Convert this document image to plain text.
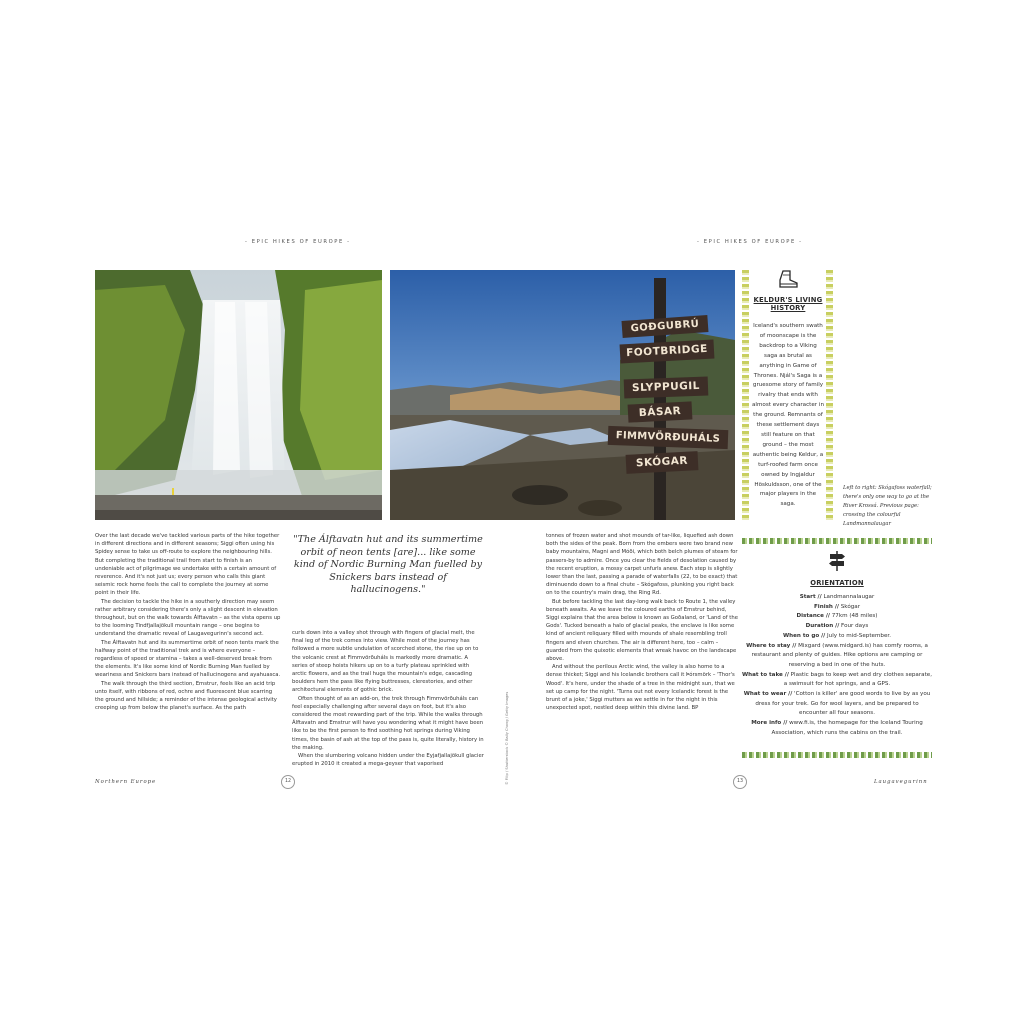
- EPIC HIKES OF EUROPE -	- EPIC HIKES OF EUROPE -
GOÐGUBRÚ
FOOTBRIDGE
SLYPPUGIL
BÁSAR
FIMMVÖRÐUHÁLS
SKÓGAR
KELDUR'S LIVING HISTORY
Iceland's southern swath of moonscape is the backdrop to a Viking saga as brutal as anything in Game of Thrones. Njál's Saga is a gruesome story of family rivalry that ends with almost every character in the ground. Remnants of these settlement days still feature on that ground – the most authentic being Keldur, a turf-roofed farm once owned by Ingjaldur Höskuldsson, one of the major players in the saga.
Left to right: Skógafoss waterfall; there's only one way to go at the River Krossá. Previous page: crossing the colourful Landmannalaugar

Over the last decade we've tackled various parts of the hike together in different directions and in different seasons; Siggi often using his Spidey sense to take us off-route to explore the neighbouring hills. But completing the traditional trail from start to finish is an undeniable act of pilgrimage we undertake with a certain amount of reverence. And it's not just us; every person who calls this giant seismic rock home feels the call to complete the journey at some point in their life.

The decision to tackle the hike in a southerly direction may seem rather arbitrary considering there's only a slight descent in elevation throughout, but on the walk towards Álftavatn – as the vista opens up to the looming Tindfjallajökull mountain range – one begins to understand the dramatic reveal of Laugavegurinn's second act.

The Álftavatn hut and its summertime orbit of neon tents mark the halfway point of the traditional trek and is where everyone – regardless of speed or stamina – takes a well-deserved break from the elements. It's like some kind of Nordic Burning Man fuelled by weariness and Snickers bars instead of hallucinogens and ayahuasca.

The walk through the third section, Emstrur, feels like an acid trip unto itself, with ribbons of red, ochre and fluorescent blue scarring the ground and hillside; a reminder of the intense geological activity creeping up from below the planet's surface. As the path

"The Álftavatn hut and its summertime orbit of neon tents [are]... like some kind of Nordic Burning Man fuelled by Snickers bars instead of hallucinogens."

curls down into a valley shot through with fingers of glacial melt, the final leg of the trek comes into view. While most of the journey has followed a more subtle undulation of scorched stone, the rise up on to the volcanic crest at Fimmvörðuháls is markedly more dramatic. A series of steep hoists hikers up on to a turfy plateau sprinkled with arctic flowers, and as the trail hugs the mountain's edge, cascading boulders hem the pass like flying buttresses, clerestories, and other architectural elements of gothic brick.

Often thought of as an add-on, the trek through Fimmvörðuháls can feel especially challenging after several days on foot, but it's also considered the most rewarding part of the trip. While the walks through Álftavatn and Emstrur will have you wondering what it might have been like to be the first person to find soothing hot springs during Viking times, the basin of ash at the top of the pass is, quite literally, history in the making.

When the slumbering volcano hidden under the Eyjafjallajökull glacier erupted in 2010 it created a mega-geyser that vaporised	© Filip / Shutterstock © Bally Chong / Getty Images

tonnes of frozen water and shot mounds of tar-like, liquefied ash down both the sides of the peak. Born from the embers were two brand new baby mountains, Magni and Móði, which both belch plumes of steam for passers-by to admire. Once you clear the fields of desolation caused by the recent eruption, a mossy carpet unfurls anew. Each step is slightly lower than the last, passing a parade of waterfalls (22, to be exact) that diminuendo down to a final chute – Skógafoss, plunking you right back on to the country's main drag, the Ring Rd.

But before tackling the last day-long walk back to Route 1, the valley beneath awaits. As we leave the coloured earths of Emstrur behind, Siggi explains that the area below is known as Goðaland, or 'Land of the Gods'. Tucked beneath a halo of glacial peaks, the enclave is like some kind of ancient reliquary filled with mounds of shale resembling troll fingers and elven churches. The air is different here, too – calm – guarded from the quixotic elements that wreak havoc on the landscape above.

And without the perilous Arctic wind, the valley is also home to a dense thicket; Siggi and his Icelandic brothers call it Þórsmörk – 'Thor's Wood'. It's here, under the shade of a tree in the midnight sun, that we set up camp for the night. 'Turns out not every Icelandic forest is the brunt of a joke,' Siggi mutters as we settle in for the night in this unexpected spot, nestled deep within this divine land. BP

ORIENTATION
Start // Landmannalaugar
Finish // Skógar
Distance // 77km (48 miles)
Duration // Four days
When to go // July to mid-September.
Where to stay // Mixgard (www.midgard.is) has comfy rooms, a restaurant and plenty of guides. Hike options are camping or reserving a bed in one of the huts.
What to take // Plastic bags to keep wet and dry clothes separate, a swimsuit for hot springs, and a GPS.
What to wear // 'Cotton is killer' are good words to live by as you dress for your trek. Go for wool layers, and be prepared to encounter all four seasons.
More info // www.fi.is, the homepage for the Iceland Touring Association, which runs the cabins on the trail.
Northern Europe	12	13	Laugavegurinn
